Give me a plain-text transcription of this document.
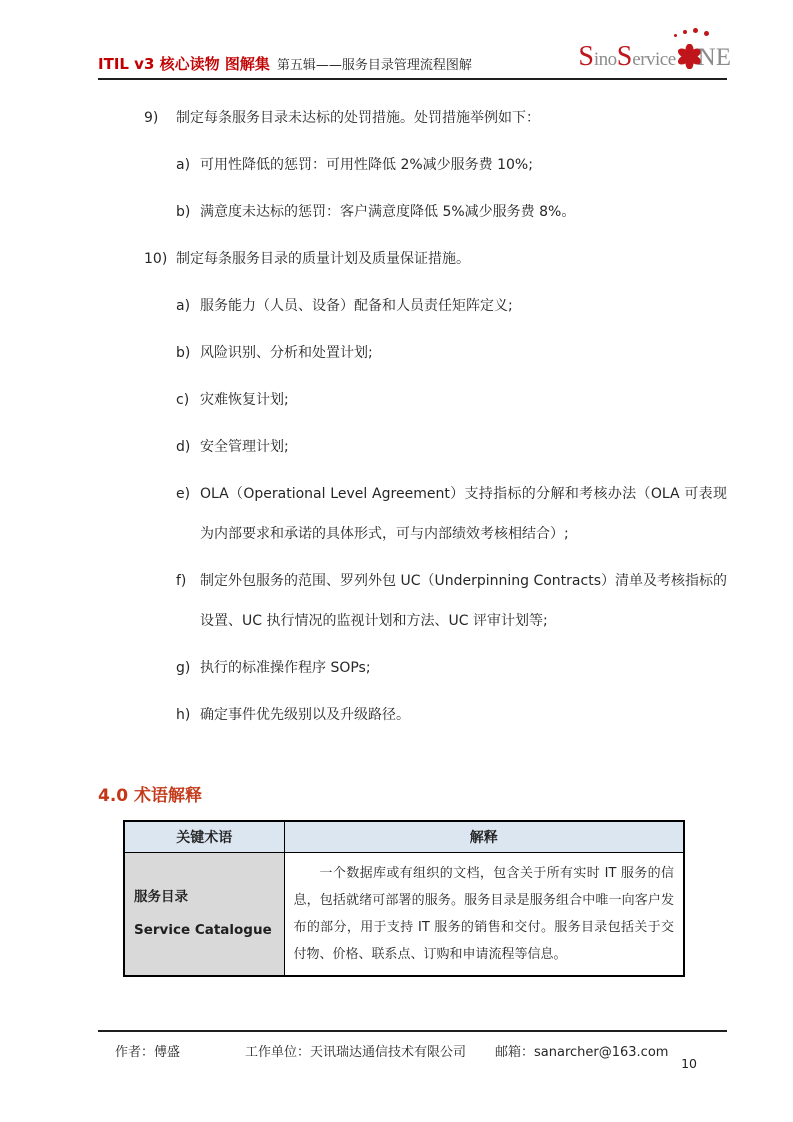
ITIL v3 核心读物 图解集 第五辑——服务目录管理流程图解	SinoService NE
9) 制定每条服务目录未达标的处罚措施。处罚措施举例如下：
a) 可用性降低的惩罚：可用性降低 2%减少服务费 10%;
b) 满意度未达标的惩罚：客户满意度降低 5%减少服务费 8%。
10) 制定每条服务目录的质量计划及质量保证措施。
a) 服务能力（人员、设备）配备和人员责任矩阵定义;
b) 风险识别、分析和处置计划;
c) 灾难恢复计划;
d) 安全管理计划;
e) OLA（Operational Level Agreement）支持指标的分解和考核办法（OLA 可表现为内部要求和承诺的具体形式，可与内部绩效考核相结合）;
f) 制定外包服务的范围、罗列外包 UC（Underpinning Contracts）清单及考核指标的设置、UC 执行情况的监视计划和方法、UC 评审计划等;
g) 执行的标准操作程序 SOPs;
h) 确定事件优先级别以及升级路径。
4.0 术语解释
关键术语	解释

服务目录
Service Catalogue	一个数据库或有组织的文档，包含关于所有实时 IT 服务的信息，包括就绪可部署的服务。服务目录是服务组合中唯一向客户发布的部分，用于支持 IT 服务的销售和交付。服务目录包括关于交付物、价格、联系点、订购和申请流程等信息。
作者：傅盛	工作单位：天讯瑞达通信技术有限公司	邮箱：sanarcher@163.com
10
